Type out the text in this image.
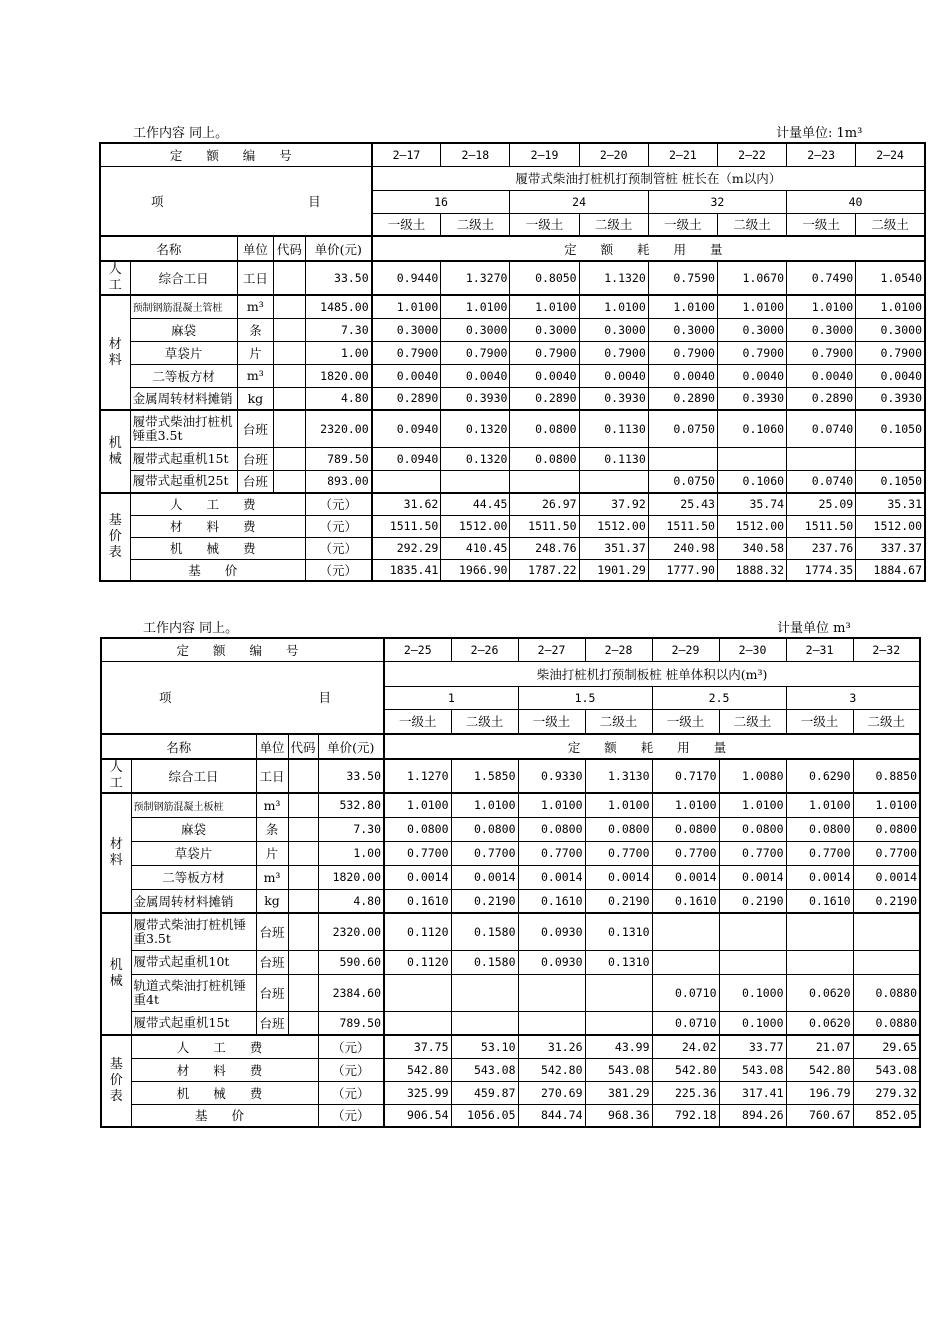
工作内容 同上。	计量单位: 1m³
定 额 编 号					2—17	2—18	2—19	2—20	2—21	2—22	2—23	2—24

项 目					履带式柴油打桩机打预制管桩 桩长在（m以内）							
					16		24		32		40	
					一级土	二级土	一级土	二级土	一级土	二级土	一级土	二级土
名称		单位	代码	单价(元)	定 额 耗 用 量							
人工	综合工日	工日		33.50	0.9440	1.3270	0.8050	1.1320	0.7590	1.0670	0.7490	1.0540
材料	预制钢筋混凝土管桩	m³		1485.00	1.0100	1.0100	1.0100	1.0100	1.0100	1.0100	1.0100	1.0100
	麻袋	条		7.30	0.3000	0.3000	0.3000	0.3000	0.3000	0.3000	0.3000	0.3000
	草袋片	片		1.00	0.7900	0.7900	0.7900	0.7900	0.7900	0.7900	0.7900	0.7900
	二等板方材	m³		1820.00	0.0040	0.0040	0.0040	0.0040	0.0040	0.0040	0.0040	0.0040
	金属周转材料摊销	kg		4.80	0.2890	0.3930	0.2890	0.3930	0.2890	0.3930	0.2890	0.3930
机械	履带式柴油打桩机锤重3.5t	台班		2320.00	0.0940	0.1320	0.0800	0.1130	0.0750	0.1060	0.0740	0.1050
	履带式起重机15t	台班		789.50	0.0940	0.1320	0.0800	0.1130				
	履带式起重机25t	台班		893.00					0.0750	0.1060	0.0740	0.1050
基价表	人 工 费			（元）	31.62	44.45	26.97	37.92	25.43	35.74	25.09	35.31
	材 料 费			（元）	1511.50	1512.00	1511.50	1512.00	1511.50	1512.00	1511.50	1512.00
	机 械 费			（元）	292.29	410.45	248.76	351.37	240.98	340.58	237.76	337.37
	基 价			（元）	1835.41	1966.90	1787.22	1901.29	1777.90	1888.32	1774.35	1884.67
工作内容 同上。	计量单位 m³
定 额 编 号					2—25	2—26	2—27	2—28	2—29	2—30	2—31	2—32

项 目					柴油打桩机打预制板桩 桩单体积以内(m³)							
					1		1.5		2.5		3	
					一级土	二级土	一级土	二级土	一级土	二级土	一级土	二级土
名称		单位	代码	单价(元)	定 额 耗 用 量							
人工	综合工日	工日		33.50	1.1270	1.5850	0.9330	1.3130	0.7170	1.0080	0.6290	0.8850
材料	预制钢筋混凝土板桩	m³		532.80	1.0100	1.0100	1.0100	1.0100	1.0100	1.0100	1.0100	1.0100
	麻袋	条		7.30	0.0800	0.0800	0.0800	0.0800	0.0800	0.0800	0.0800	0.0800
	草袋片	片		1.00	0.7700	0.7700	0.7700	0.7700	0.7700	0.7700	0.7700	0.7700
	二等板方材	m³		1820.00	0.0014	0.0014	0.0014	0.0014	0.0014	0.0014	0.0014	0.0014
	金属周转材料摊销	kg		4.80	0.1610	0.2190	0.1610	0.2190	0.1610	0.2190	0.1610	0.2190
机械	履带式柴油打桩机锤重3.5t	台班		2320.00	0.1120	0.1580	0.0930	0.1310				
	履带式起重机10t	台班		590.60	0.1120	0.1580	0.0930	0.1310				
	轨道式柴油打桩机锤重4t	台班		2384.60					0.0710	0.1000	0.0620	0.0880
	履带式起重机15t	台班		789.50					0.0710	0.1000	0.0620	0.0880
基价表	人 工 费			（元）	37.75	53.10	31.26	43.99	24.02	33.77	21.07	29.65
	材 料 费			（元）	542.80	543.08	542.80	543.08	542.80	543.08	542.80	543.08
	机 械 费			（元）	325.99	459.87	270.69	381.29	225.36	317.41	196.79	279.32
	基 价			（元）	906.54	1056.05	844.74	968.36	792.18	894.26	760.67	852.05
